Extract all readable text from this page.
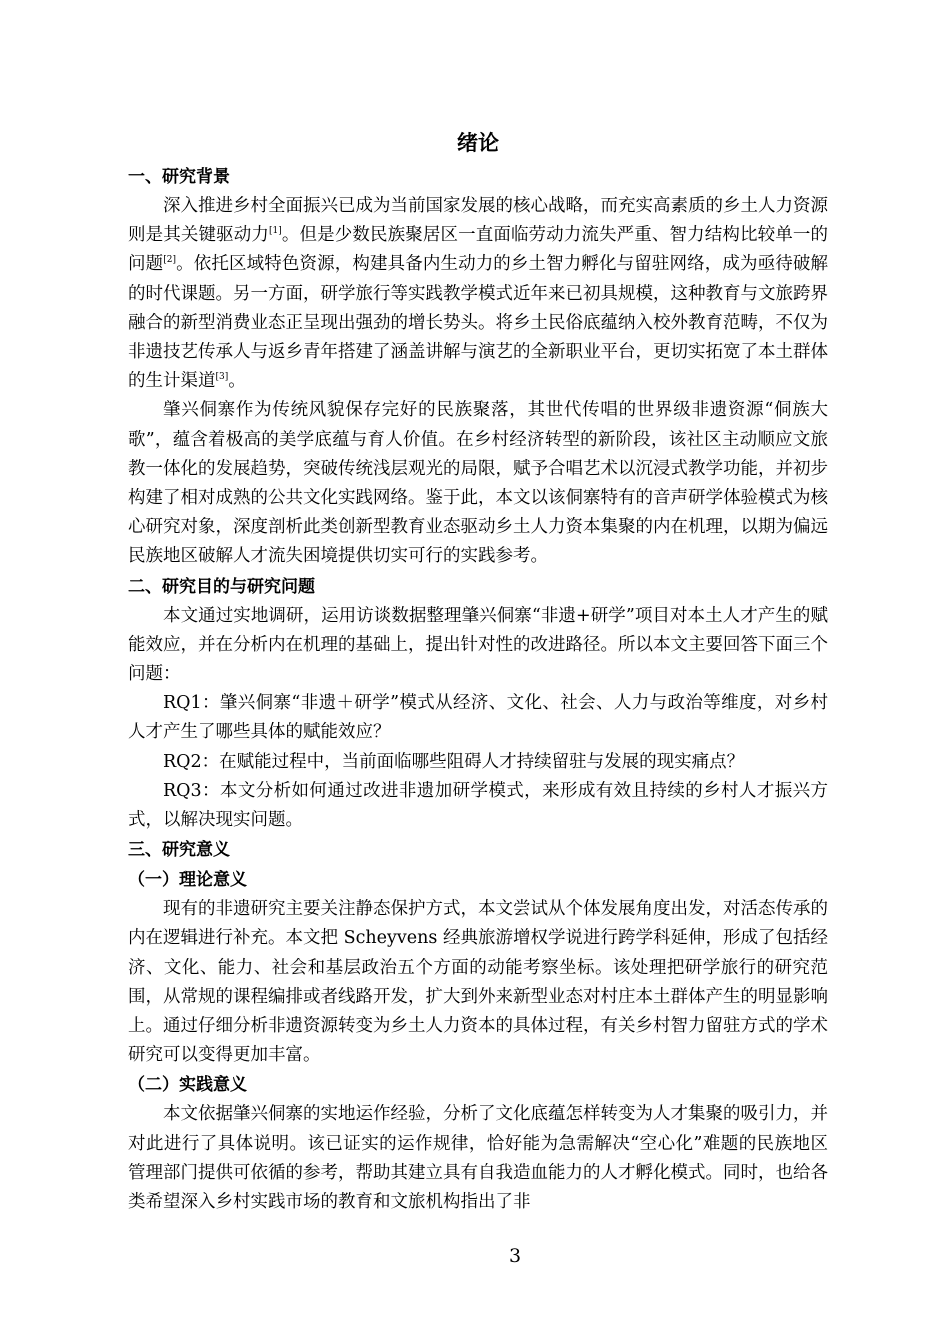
绪论
一、研究背景

深入推进乡村全面振兴已成为当前国家发展的核心战略，而充实高素质的乡土人力资源则是其关键驱动力[1]。但是少数民族聚居区一直面临劳动力流失严重、智力结构比较单一的问题[2]。依托区域特色资源，构建具备内生动力的乡土智力孵化与留驻网络，成为亟待破解的时代课题。另一方面，研学旅行等实践教学模式近年来已初具规模，这种教育与文旅跨界融合的新型消费业态正呈现出强劲的增长势头。将乡土民俗底蕴纳入校外教育范畴，不仅为非遗技艺传承人与返乡青年搭建了涵盖讲解与演艺的全新职业平台，更切实拓宽了本土群体的生计渠道[3]。

肇兴侗寨作为传统风貌保存完好的民族聚落，其世代传唱的世界级非遗资源“侗族大歌”，蕴含着极高的美学底蕴与育人价值。在乡村经济转型的新阶段，该社区主动顺应文旅教一体化的发展趋势，突破传统浅层观光的局限，赋予合唱艺术以沉浸式教学功能，并初步构建了相对成熟的公共文化实践网络。鉴于此，本文以该侗寨特有的音声研学体验模式为核心研究对象，深度剖析此类创新型教育业态驱动乡土人力资本集聚的内在机理，以期为偏远民族地区破解人才流失困境提供切实可行的实践参考。

二、研究目的与研究问题

本文通过实地调研，运用访谈数据整理肇兴侗寨“非遗+研学”项目对本土人才产生的赋能效应，并在分析内在机理的基础上，提出针对性的改进路径。所以本文主要回答下面三个问题：

RQ1：肇兴侗寨“非遗＋研学”模式从经济、文化、社会、人力与政治等维度，对乡村人才产生了哪些具体的赋能效应？

RQ2：在赋能过程中，当前面临哪些阻碍人才持续留驻与发展的现实痛点？

RQ3：本文分析如何通过改进非遗加研学模式，来形成有效且持续的乡村人才振兴方式，以解决现实问题。

三、研究意义
（一）理论意义

现有的非遗研究主要关注静态保护方式，本文尝试从个体发展角度出发，对活态传承的内在逻辑进行补充。本文把 Scheyvens 经典旅游增权学说进行跨学科延伸，形成了包括经济、文化、能力、社会和基层政治五个方面的动能考察坐标。该处理把研学旅行的研究范围，从常规的课程编排或者线路开发，扩大到外来新型业态对村庄本土群体产生的明显影响上。通过仔细分析非遗资源转变为乡土人力资本的具体过程，有关乡村智力留驻方式的学术研究可以变得更加丰富。

（二）实践意义

本文依据肇兴侗寨的实地运作经验，分析了文化底蕴怎样转变为人才集聚的吸引力，并对此进行了具体说明。该已证实的运作规律，恰好能为急需解决“空心化”难题的民族地区管理部门提供可依循的参考，帮助其建立具有自我造血能力的人才孵化模式。同时，也给各类希望深入乡村实践市场的教育和文旅机构指出了非

3
